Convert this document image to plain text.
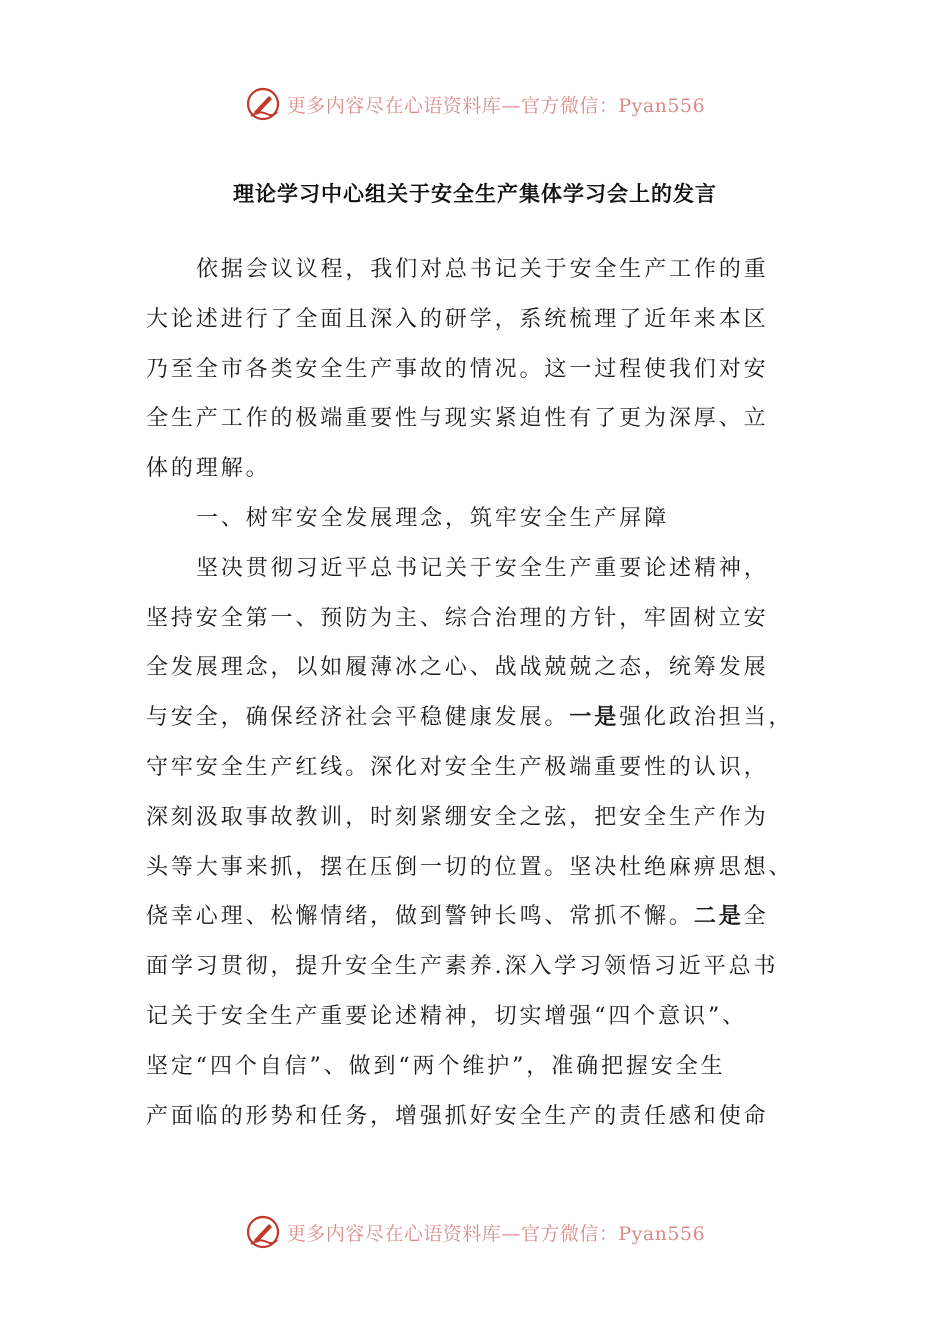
更多内容尽在心语资料库—官方微信：Pyan556
理论学习中心组关于安全生产集体学习会上的发言
依据会议议程，我们对总书记关于安全生产工作的重
大论述进行了全面且深入的研学，系统梳理了近年来本区
乃至全市各类安全生产事故的情况。这一过程使我们对安
全生产工作的极端重要性与现实紧迫性有了更为深厚、立
体的理解。
一、树牢安全发展理念，筑牢安全生产屏障
坚决贯彻习近平总书记关于安全生产重要论述精神，
坚持安全第一、预防为主、综合治理的方针，牢固树立安
全发展理念，以如履薄冰之心、战战兢兢之态，统筹发展
与安全，确保经济社会平稳健康发展。一是强化政治担当，
守牢安全生产红线。深化对安全生产极端重要性的认识，
深刻汲取事故教训，时刻紧绷安全之弦，把安全生产作为
头等大事来抓，摆在压倒一切的位置。坚决杜绝麻痹思想、
侥幸心理、松懈情绪，做到警钟长鸣、常抓不懈。二是全
面学习贯彻，提升安全生产素养.深入学习领悟习近平总书
记关于安全生产重要论述精神，切实增强“四个意识”、
坚定“四个自信”、做到“两个维护”，准确把握安全生
产面临的形势和任务，增强抓好安全生产的责任感和使命
更多内容尽在心语资料库—官方微信：Pyan556
